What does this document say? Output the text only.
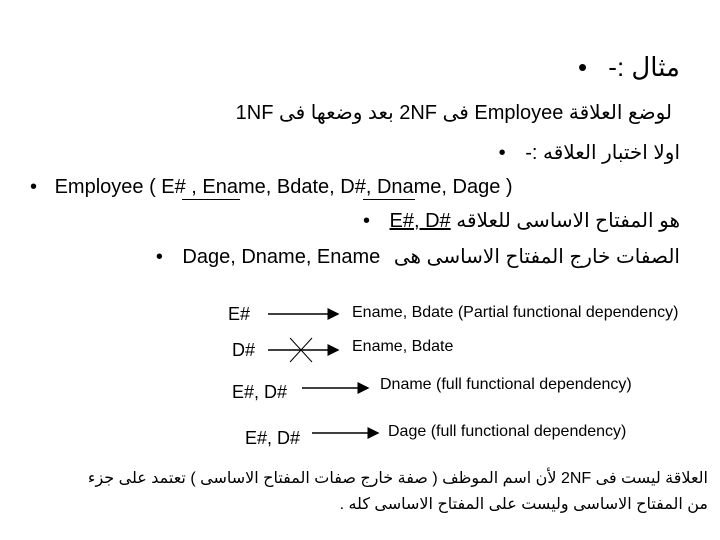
مثال :- •
لوضع العلاقة Employee فى 2NF بعد وضعها فى 1NF
اولا اختبار العلاقه :- •
• Employee ( E# , Ename, Bdate, D#, Dname, Dage )
هو المفتاح الاساسى للعلاقه E#, D# •
الصفات خارج المفتاح الاساسى هى Dage, Dname, Ename •
E#	Ename, Bdate (Partial functional dependency)
D#	Ename, Bdate
E#, D#	Dname (full functional dependency)
E#, D#	Dage (full functional dependency)
العلاقة ليست فى 2NF لأن اسم الموظف ( صفة خارج صفات المفتاح الاساسى ) تعتمد على جزء
من المفتاح الاساسى وليست على المفتاح الاساسى كله .
